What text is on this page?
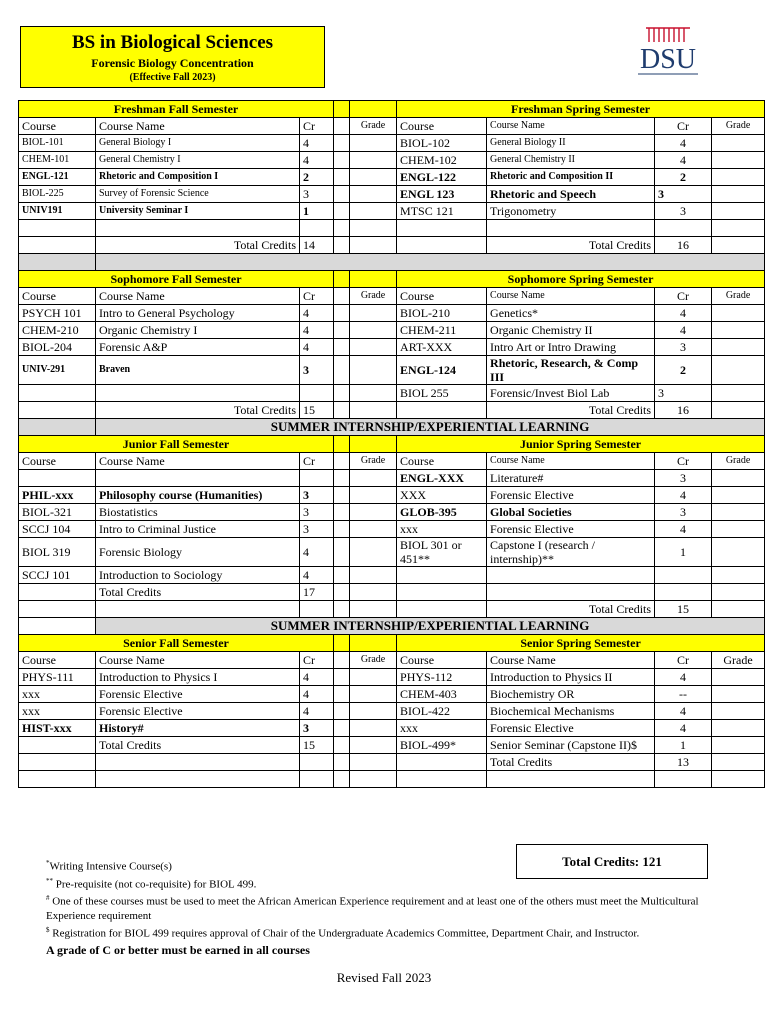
BS in Biological Sciences
Forensic Biology Concentration
(Effective Fall 2023)
DSU
Freshman Fall Semester					Freshman Spring Semester			
Course	Course Name	Cr		Grade	Course	Course Name	Cr	Grade
BIOL-101	General Biology I	4			BIOL-102	General Biology II	4	
CHEM-101	General Chemistry I	4			CHEM-102	General Chemistry II	4	
ENGL-121	Rhetoric and Composition I	2			ENGL-122	Rhetoric and Composition II	2	
BIOL-225	Survey of Forensic Science	3			ENGL 123	Rhetoric and Speech	3	
UNIV191	University Seminar I	1			MTSC 121	Trigonometry	3	

	Total Credits	14				Total Credits	16	

Sophomore Fall Semester					Sophomore Spring Semester			
Course	Course Name	Cr		Grade	Course	Course Name	Cr	Grade
PSYCH 101	Intro to General Psychology	4			BIOL-210	Genetics*	4	
CHEM-210	Organic Chemistry I	4			CHEM-211	Organic Chemistry II	4	
BIOL-204	Forensic A&P	4			ART-XXX	Intro Art or Intro Drawing	3	
UNIV-291	Braven	3			ENGL-124	Rhetoric, Research, & Comp III	2	
					BIOL 255	Forensic/Invest Biol Lab	3	
	Total Credits	15				Total Credits	16	
	SUMMER INTERNSHIP/EXPERIENTIAL LEARNING							
Junior Fall Semester					Junior Spring Semester			
Course	Course Name	Cr		Grade	Course	Course Name	Cr	Grade
					ENGL-XXX	Literature#	3	
PHIL-xxx	Philosophy course (Humanities)	3			XXX	Forensic Elective	4	
BIOL-321	Biostatistics	3			GLOB-395	Global Societies	3	
SCCJ 104	Intro to Criminal Justice	3			xxx	Forensic Elective	4	
BIOL 319	Forensic Biology	4			BIOL 301 or 451**	Capstone I (research / internship)**	1	
SCCJ 101	Introduction to Sociology	4						
	Total Credits	17						
						Total Credits	15	
	SUMMER INTERNSHIP/EXPERIENTIAL LEARNING							
Senior Fall Semester					Senior Spring Semester			
Course	Course Name	Cr		Grade	Course	Course Name	Cr	Grade
PHYS-111	Introduction to Physics I	4			PHYS-112	Introduction to Physics II	4	
xxx	Forensic Elective	4			CHEM-403	Biochemistry OR	--	
xxx	Forensic Elective	4			BIOL-422	Biochemical Mechanisms	4	
HIST-xxx	History#	3			xxx	Forensic Elective	4	
	Total Credits	15			BIOL-499*	Senior Seminar (Capstone II)$	1	
						Total Credits	13	

Total Credits: 121

*Writing Intensive Course(s)

** Pre-requisite (not co-requisite) for BIOL 499.

# One of these courses must be used to meet the African American Experience requirement and at least one of the others must meet the Multicultural Experience requirement

$ Registration for BIOL 499 requires approval of Chair of the Undergraduate Academics Committee, Department Chair, and Instructor.

A grade of C or better must be earned in all courses

Revised Fall 2023
